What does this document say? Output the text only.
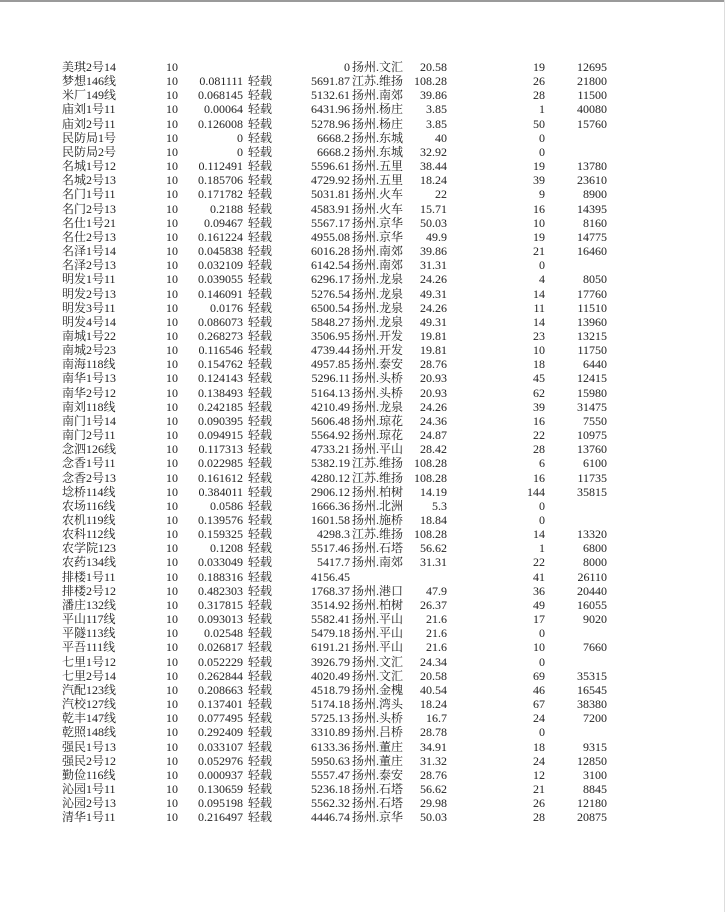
美琪2号14	10	0 扬州.文汇	20.58	19	12695
梦想146线	10	0.081111 轻载	5691.87 江苏.维扬 108.28	26	21800
米厂149线	10	0.068145 轻载	5132.61 扬州.南郊	39.86	28	11500
庙刘1号11	10	0.00064 轻载	6431.96 扬州.杨庄	3.85	1	40080
庙刘2号11	10	0.126008 轻载	5278.96 扬州.杨庄	3.85	50	15760
民防局1号	10	0 轻载	6668.2 扬州.东城	40	0
民防局2号	10	0 轻载	6668.2 扬州.东城	32.92	0
名城1号12	10	0.112491 轻载	5596.61 扬州.五里	38.44	19	13780
名城2号13	10	0.185706 轻载	4729.92 扬州.五里	18.24	39	23610
名门1号11	10	0.171782 轻载	5031.81 扬州.火车	22	9	8900
名门2号13	10	0.2188 轻载	4583.91 扬州.火车	15.71	16	14395
名仕1号21	10	0.09467 轻载	5567.17 扬州.京华	50.03	10	8160
名仕2号13	10	0.161224 轻载	4955.08 扬州.京华	49.9	19	14775
名泽1号14	10	0.045838 轻载	6016.28 扬州.南郊	39.86	21	16460
名泽2号13	10	0.032109 轻载	6142.54 扬州.南郊	31.31	0
明发1号11	10	0.039055 轻载	6296.17 扬州.龙泉	24.26	4	8050
明发2号13	10	0.146091 轻载	5276.54 扬州.龙泉	49.31	14	17760
明发3号11	10	0.0176 轻载	6500.54 扬州.龙泉	24.26	11	11510
明发4号14	10	0.086073 轻载	5848.27 扬州.龙泉	49.31	14	13960
南城1号22	10	0.268273 轻载	3506.95 扬州.开发	19.81	23	13215
南城2号23	10	0.116546 轻载	4739.44 扬州.开发	19.81	10	11750
南海118线	10	0.154762 轻载	4957.85 扬州.泰安	28.76	18	6440
南华1号13	10	0.124143 轻载	5296.11 扬州.头桥	20.93	45	12415
南华2号12	10	0.138493 轻载	5164.13 扬州.头桥	20.93	62	15980
南刘118线	10	0.242185 轻载	4210.49 扬州.龙泉	24.26	39	31475
南门1号14	10	0.090395 轻载	5606.48 扬州.琼花	24.36	16	7550
南门2号11	10	0.094915 轻载	5564.92 扬州.琼花	24.87	22	10975
念泗126线	10	0.117313 轻载	4733.21 扬州.平山	28.42	28	13760
念香1号11	10	0.022985 轻载	5382.19 江苏.维扬 108.28	6	6100
念香2号13	10	0.161612 轻载	4280.12 江苏.维扬 108.28	16	11735
埝桥114线	10	0.384011 轻载	2906.12 扬州.柏树	14.19	144	35815
农场116线	10	0.0586 轻载	1666.36 扬州.北洲	5.3	0
农机119线	10	0.139576 轻载	1601.58 扬州.施桥	18.84	0
农科112线	10	0.159325 轻载	4298.3 江苏.维扬 108.28	14	13320
农学院123	10	0.1208 轻载	5517.46 扬州.石塔	56.62	1	6800
农药134线	10	0.033049 轻载	5417.7 扬州.南郊	31.31	22	8000
排楼1号11	10	0.188316 轻载	4156.45	41	26110
排楼2号12	10	0.482303 轻载	1768.37 扬州.港口	47.9	36	20440
潘庄132线	10	0.317815 轻载	3514.92 扬州.柏树	26.37	49	16055
平山117线	10	0.093013 轻载	5582.41 扬州.平山	21.6	17	9020
平隧113线	10	0.02548 轻载	5479.18 扬州.平山	21.6	0
平吾111线	10	0.026817 轻载	6191.21 扬州.平山	21.6	10	7660
七里1号12	10	0.052229 轻载	3926.79 扬州.文汇	24.34	0
七里2号14	10	0.262844 轻载	4020.49 扬州.文汇	20.58	69	35315
汽配123线	10	0.208663 轻载	4518.79 扬州.金槐	40.54	46	16545
汽校127线	10	0.137401 轻载	5174.18 扬州.湾头	18.24	67	38380
乾丰147线	10	0.077495 轻载	5725.13 扬州.头桥	16.7	24	7200
乾照148线	10	0.292409 轻载	3310.89 扬州.吕桥	28.78	0
强民1号13	10	0.033107 轻载	6133.36 扬州.董庄	34.91	18	9315
强民2号12	10	0.052976 轻载	5950.63 扬州.董庄	31.32	24	12850
勤俭116线	10	0.000937 轻载	5557.47 扬州.泰安	28.76	12	3100
沁园1号11	10	0.130659 轻载	5236.18 扬州.石塔	56.62	21	8845
沁园2号13	10	0.095198 轻载	5562.32 扬州.石塔	29.98	26	12180
清华1号11	10	0.216497 轻载	4446.74 扬州.京华	50.03	28	20875
